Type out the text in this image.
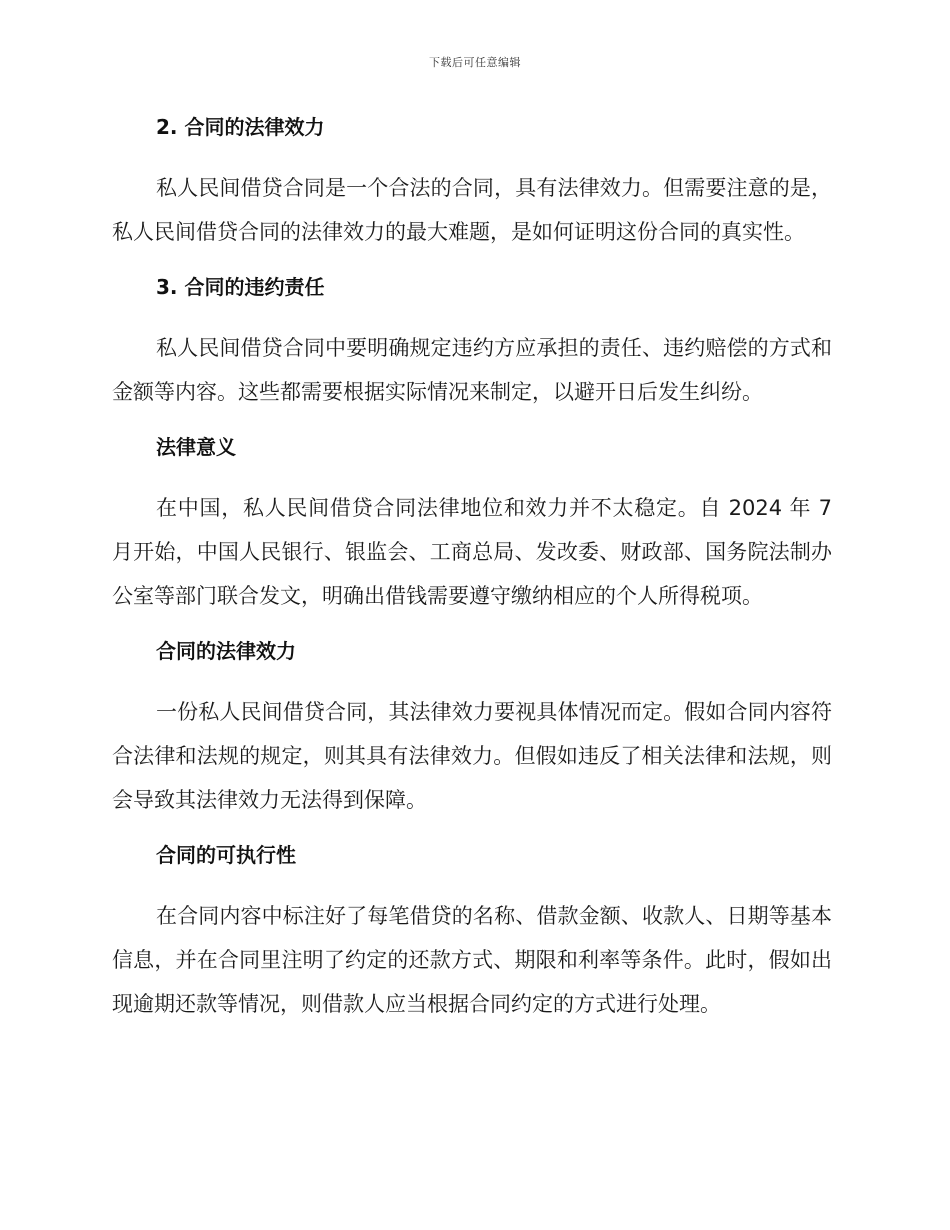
下载后可任意编辑
2. 合同的法律效力

私人民间借贷合同是一个合法的合同，具有法律效力。但需要注意的是，私人民间借贷合同的法律效力的最大难题，是如何证明这份合同的真实性。

3. 合同的违约责任

私人民间借贷合同中要明确规定违约方应承担的责任、违约赔偿的方式和金额等内容。这些都需要根据实际情况来制定，以避开日后发生纠纷。

法律意义

在中国，私人民间借贷合同法律地位和效力并不太稳定。自 2024 年 7 月开始，中国人民银行、银监会、工商总局、发改委、财政部、国务院法制办公室等部门联合发文，明确出借钱需要遵守缴纳相应的个人所得税项。

合同的法律效力

一份私人民间借贷合同，其法律效力要视具体情况而定。假如合同内容符合法律和法规的规定，则其具有法律效力。但假如违反了相关法律和法规，则会导致其法律效力无法得到保障。

合同的可执行性

在合同内容中标注好了每笔借贷的名称、借款金额、收款人、日期等基本信息，并在合同里注明了约定的还款方式、期限和利率等条件。此时，假如出现逾期还款等情况，则借款人应当根据合同约定的方式进行处理。
